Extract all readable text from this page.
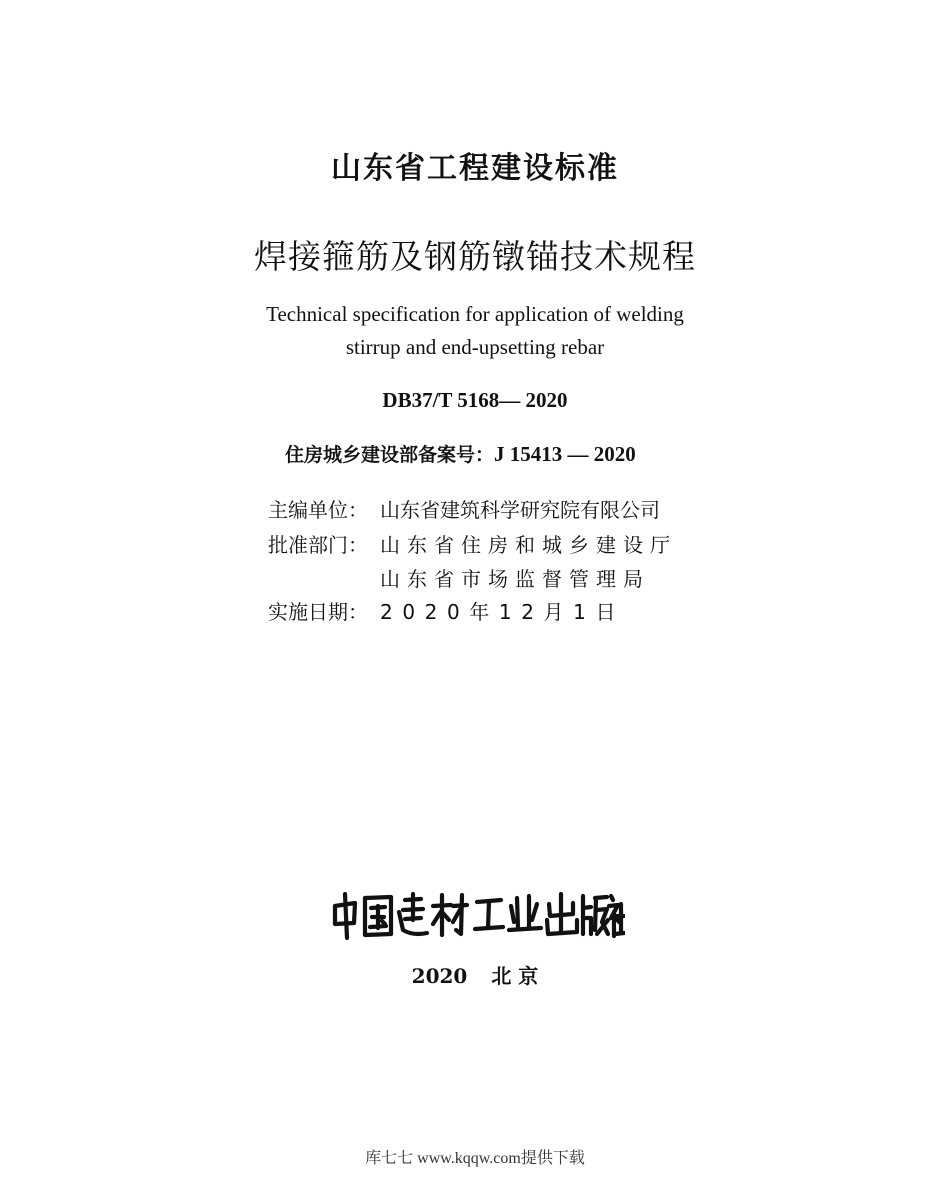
山东省工程建设标准
焊接箍筋及钢筋镦锚技术规程
Technical specification for application of welding
stirrup and end-upsetting rebar
DB37/T 5168— 2020
住房城乡建设部备案号：J 15413 — 2020
主编单位： 山东省建筑科学研究院有限公司
批准部门： 山东省住房和城乡建设厅
山东省市场监督管理局
实施日期： 2020年12月1日
2020 北 京
库七七 www.kqqw.com提供下载
